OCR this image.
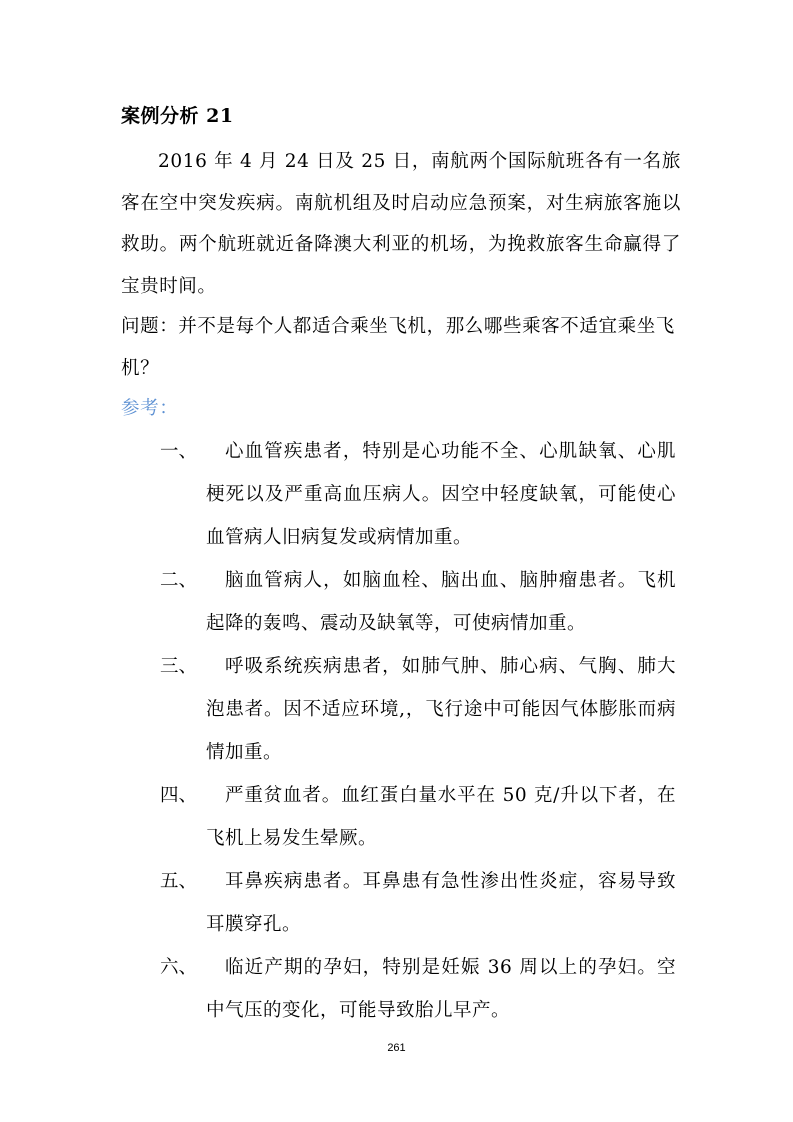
案例分析 21
2016 年 4 月 24 日及 25 日，南航两个国际航班各有一名旅客在空中突发疾病。南航机组及时启动应急预案，对生病旅客施以救助。两个航班就近备降澳大利亚的机场，为挽救旅客生命赢得了宝贵时间。
问题：并不是每个人都适合乘坐飞机，那么哪些乘客不适宜乘坐飞机？
参考：
一、	心血管疾患者，特别是心功能不全、心肌缺氧、心肌梗死以及严重高血压病人。因空中轻度缺氧，可能使心血管病人旧病复发或病情加重。
二、	脑血管病人，如脑血栓、脑出血、脑肿瘤患者。飞机起降的轰鸣、震动及缺氧等，可使病情加重。
三、	呼吸系统疾病患者，如肺气肿、肺心病、气胸、肺大泡患者。因不适应环境,，飞行途中可能因气体膨胀而病情加重。
四、	严重贫血者。血红蛋白量水平在 50 克/升以下者，在飞机上易发生晕厥。
五、	耳鼻疾病患者。耳鼻患有急性渗出性炎症，容易导致耳膜穿孔。
六、	临近产期的孕妇，特别是妊娠 36 周以上的孕妇。空中气压的变化，可能导致胎儿早产。
261
